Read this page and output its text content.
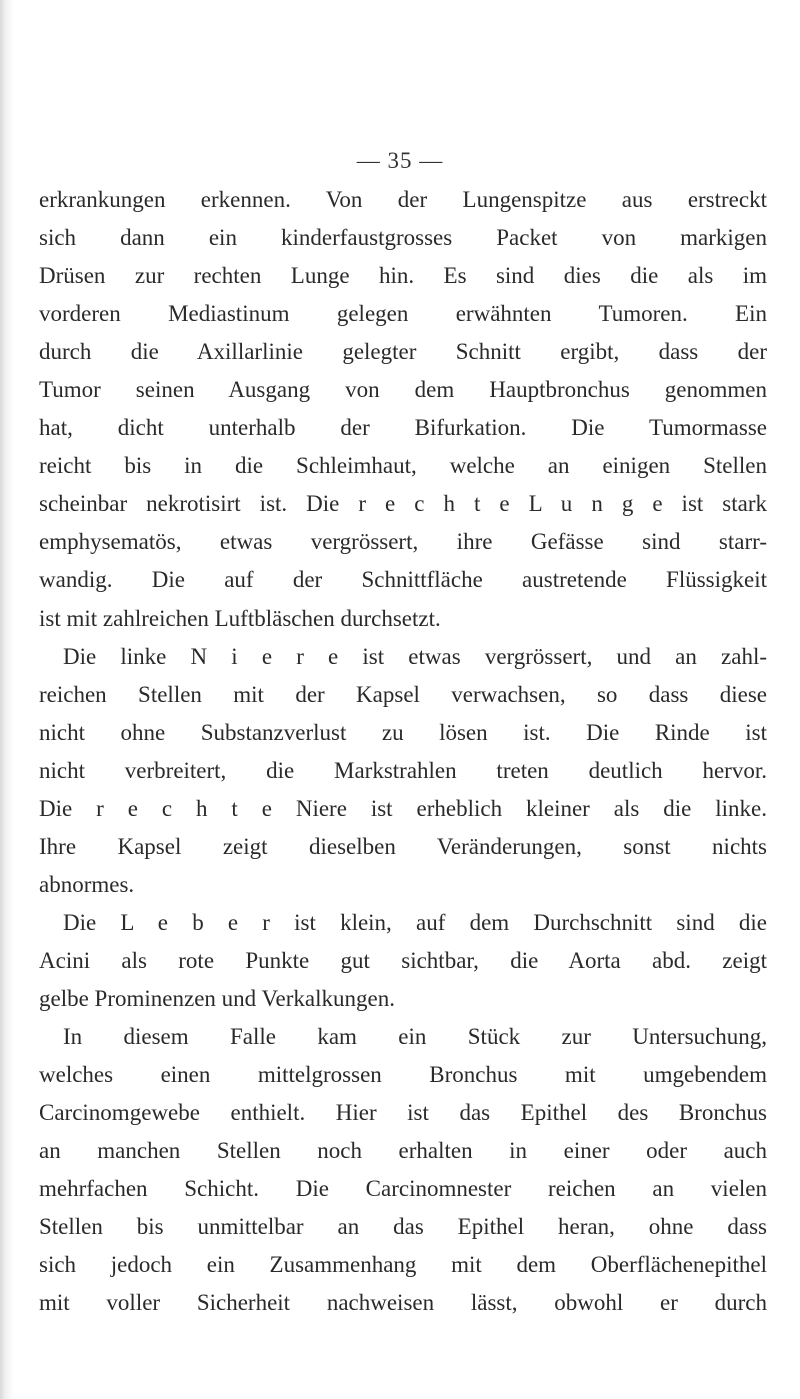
— 35 —
erkrankungen erkennen. Von der Lungenspitze aus erstreckt
sich dann ein kinderfaustgrosses Packet von markigen
Drüsen zur rechten Lunge hin. Es sind dies die als im
vorderen Mediastinum gelegen erwähnten Tumoren. Ein
durch die Axillarlinie gelegter Schnitt ergibt, dass der
Tumor seinen Ausgang von dem Hauptbronchus genommen
hat, dicht unterhalb der Bifurkation. Die Tumormasse
reicht bis in die Schleimhaut, welche an einigen Stellen
scheinbar nekrotisirt ist. Die r e c h t e L u n g e ist stark
emphysematös, etwas vergrössert, ihre Gefässe sind starr-
wandig. Die auf der Schnittfläche austretende Flüssigkeit
ist mit zahlreichen Luftbläschen durchsetzt.
Die linke N i e r e ist etwas vergrössert, und an zahl-
reichen Stellen mit der Kapsel verwachsen, so dass diese
nicht ohne Substanzverlust zu lösen ist. Die Rinde ist
nicht verbreitert, die Markstrahlen treten deutlich hervor.
Die r e c h t e Niere ist erheblich kleiner als die linke.
Ihre Kapsel zeigt dieselben Veränderungen, sonst nichts
abnormes.
Die L e b e r ist klein, auf dem Durchschnitt sind die
Acini als rote Punkte gut sichtbar, die Aorta abd. zeigt
gelbe Prominenzen und Verkalkungen.
In diesem Falle kam ein Stück zur Untersuchung,
welches einen mittelgrossen Bronchus mit umgebendem
Carcinomgewebe enthielt. Hier ist das Epithel des Bronchus
an manchen Stellen noch erhalten in einer oder auch
mehrfachen Schicht. Die Carcinomnester reichen an vielen
Stellen bis unmittelbar an das Epithel heran, ohne dass
sich jedoch ein Zusammenhang mit dem Oberflächenepithel
mit voller Sicherheit nachweisen lässt, obwohl er durch
